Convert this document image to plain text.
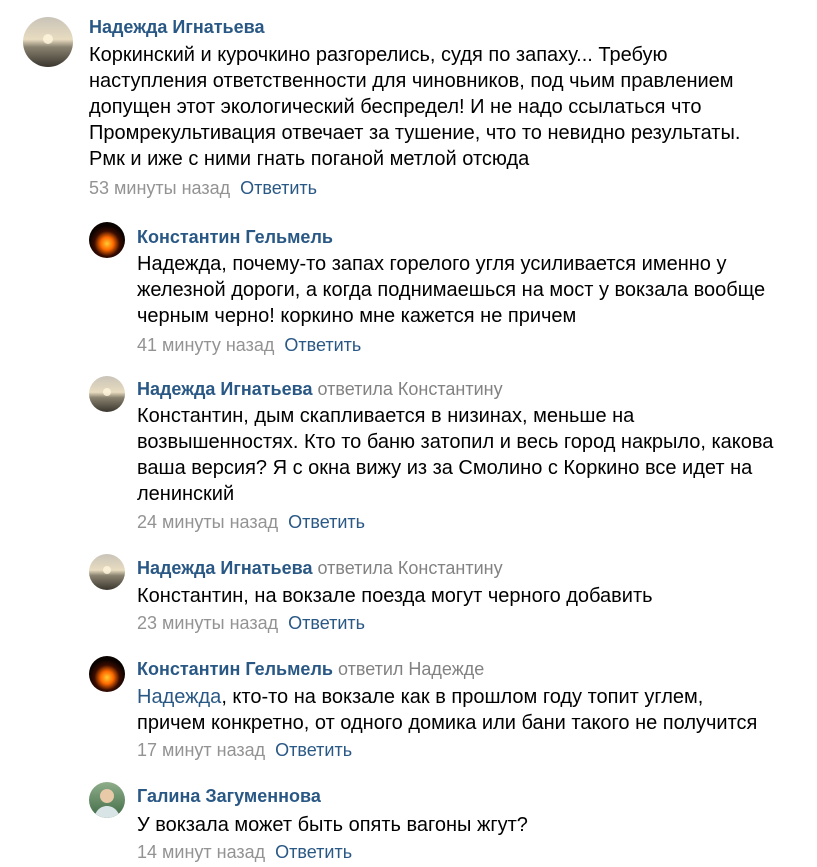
Надежда Игнатьева
Коркинский и курочкино разгорелись, судя по запаху... Требую наступления ответственности для чиновников, под чьим правлением допущен этот экологический беспредел! И не надо ссылаться что Промрекультивация отвечает за тушение, что то невидно результаты. Рмк и иже с ними гнать поганой метлой отсюда
53 минуты назад Ответить
Константин Гельмель
Надежда, почему-то запах горелого угля усиливается именно у железной дороги, а когда поднимаешься на мост у вокзала вообще черным черно! коркино мне кажется не причем
41 минуту назад Ответить
Надежда Игнатьева ответила Константину
Константин, дым скапливается в низинах, меньше на возвышенностях. Кто то баню затопил и весь город накрыло, какова ваша версия? Я с окна вижу из за Смолино с Коркино все идет на ленинский
24 минуты назад Ответить
Надежда Игнатьева ответила Константину
Константин, на вокзале поезда могут черного добавить
23 минуты назад Ответить
Константин Гельмель ответил Надежде
Надежда, кто-то на вокзале как в прошлом году топит углем, причем конкретно, от одного домика или бани такого не получится
17 минут назад Ответить
Галина Загуменнова
У вокзала может быть опять вагоны жгут?
14 минут назад Ответить
